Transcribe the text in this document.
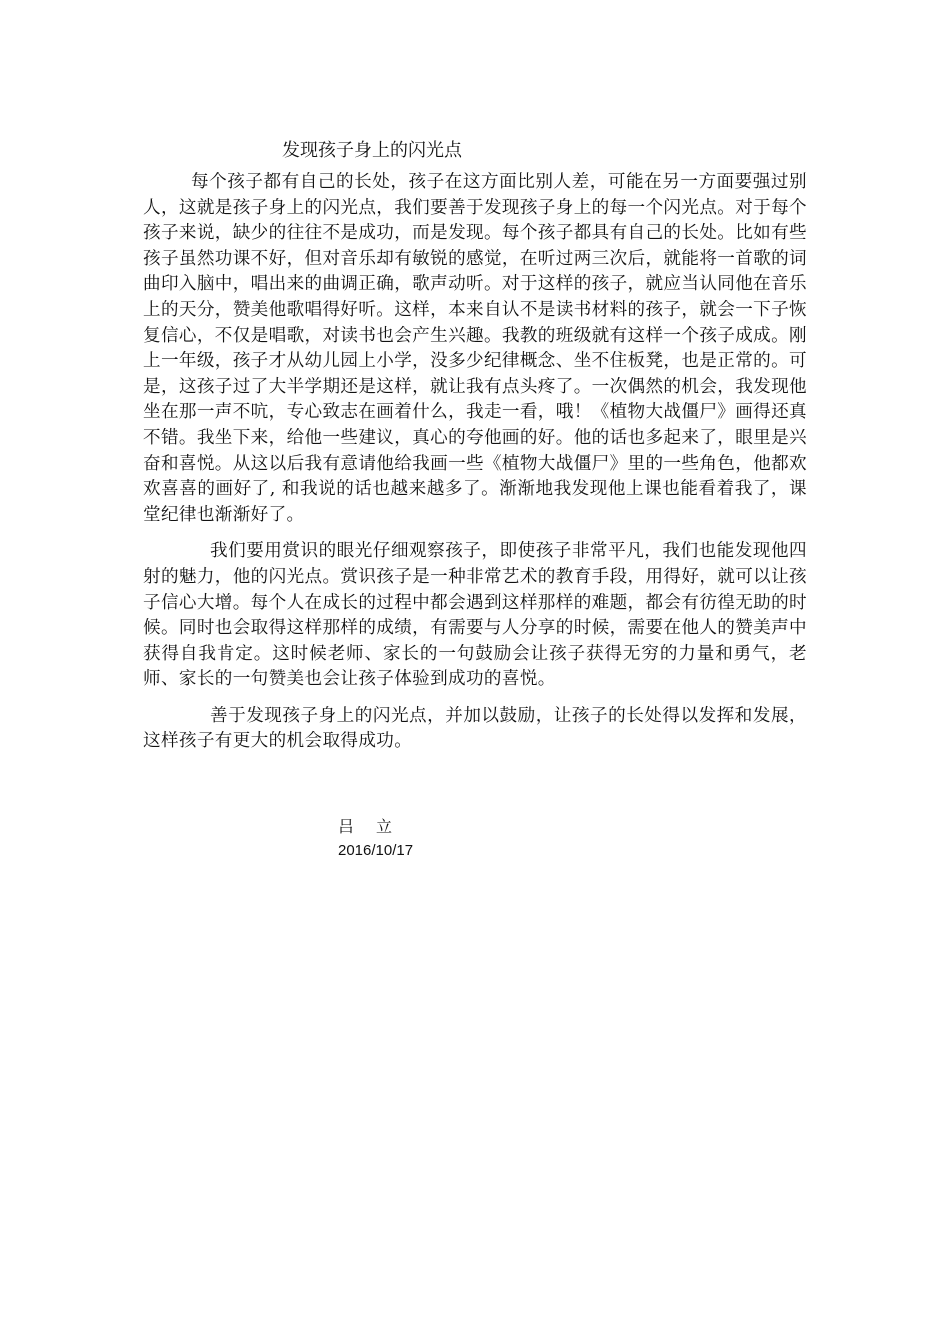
发现孩子身上的闪光点

每个孩子都有自己的长处，孩子在这方面比别人差，可能在另一方面要强过别人，这就是孩子身上的闪光点，我们要善于发现孩子身上的每一个闪光点。对于每个孩子来说，缺少的往往不是成功，而是发现。每个孩子都具有自己的长处。比如有些孩子虽然功课不好，但对音乐却有敏锐的感觉，在听过两三次后，就能将一首歌的词曲印入脑中，唱出来的曲调正确，歌声动听。对于这样的孩子，就应当认同他在音乐上的天分，赞美他歌唱得好听。这样，本来自认不是读书材料的孩子，就会一下子恢复信心，不仅是唱歌，对读书也会产生兴趣。我教的班级就有这样一个孩子成成。刚上一年级，孩子才从幼儿园上小学，没多少纪律概念、坐不住板凳，也是正常的。可是，这孩子过了大半学期还是这样，就让我有点头疼了。一次偶然的机会，我发现他坐在那一声不吭，专心致志在画着什么，我走一看，哦！《植物大战僵尸》画得还真不错。我坐下来，给他一些建议，真心的夸他画的好。他的话也多起来了，眼里是兴奋和喜悦。从这以后我有意请他给我画一些《植物大战僵尸》里的一些角色，他都欢欢喜喜的画好了, 和我说的话也越来越多了。渐渐地我发现他上课也能看着我了，课堂纪律也渐渐好了。

我们要用赏识的眼光仔细观察孩子，即使孩子非常平凡，我们也能发现他四射的魅力，他的闪光点。赏识孩子是一种非常艺术的教育手段，用得好，就可以让孩子信心大增。每个人在成长的过程中都会遇到这样那样的难题，都会有彷徨无助的时候。同时也会取得这样那样的成绩，有需要与人分享的时候，需要在他人的赞美声中获得自我肯定。这时候老师、家长的一句鼓励会让孩子获得无穷的力量和勇气，老师、家长的一句赞美也会让孩子体验到成功的喜悦。

善于发现孩子身上的闪光点，并加以鼓励，让孩子的长处得以发挥和发展，这样孩子有更大的机会取得成功。

吕立
2016/10/17
